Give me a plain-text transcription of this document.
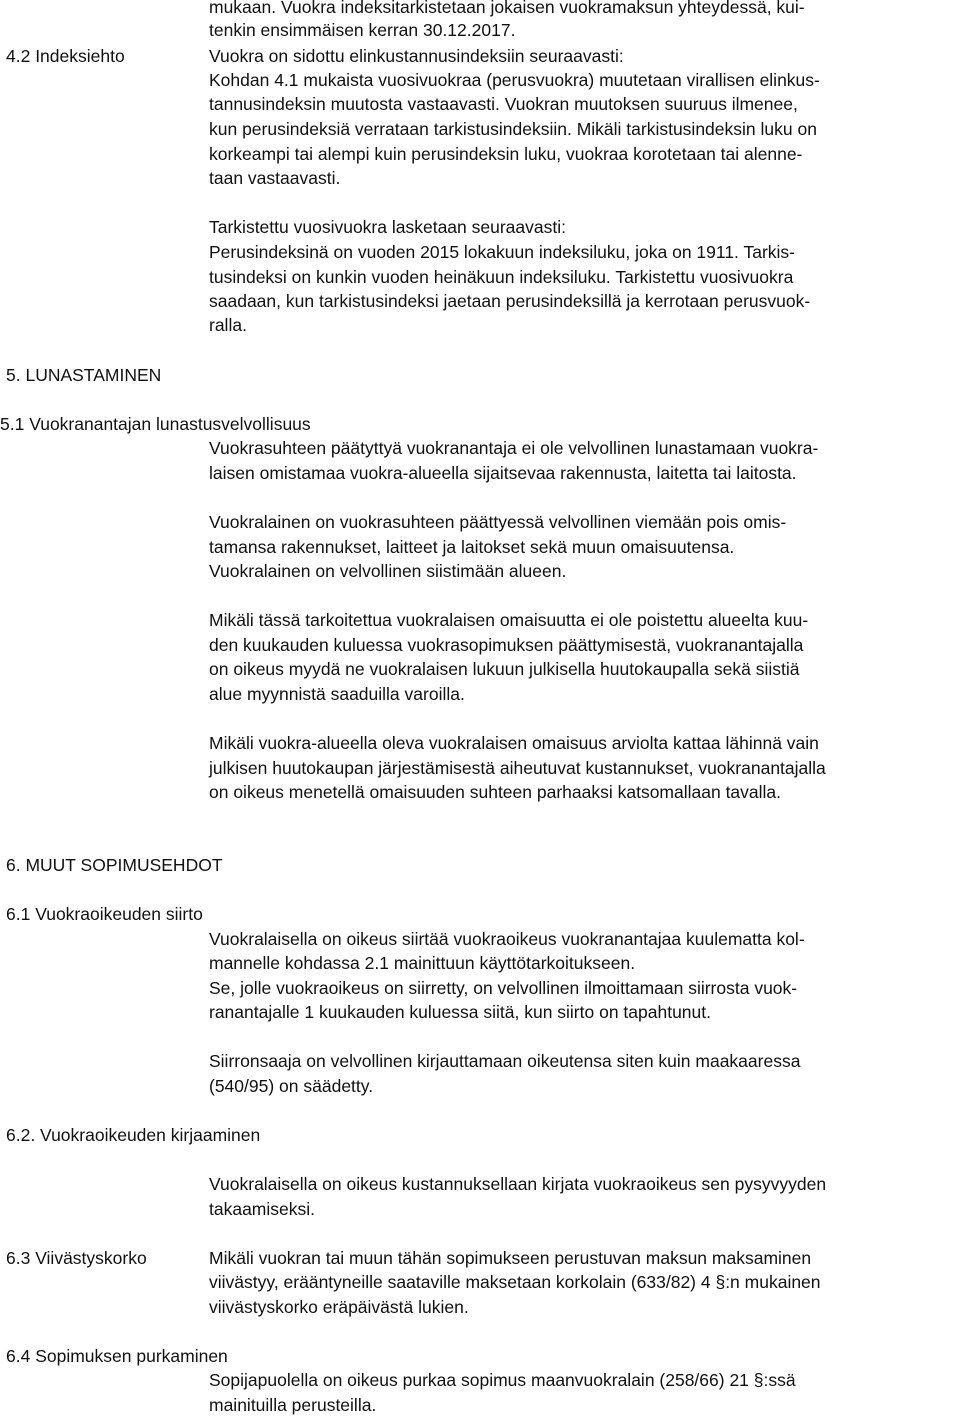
mukaan. Vuokra indeksitarkistetaan jokaisen vuokramaksun yhteydessä, kui-
tenkin ensimmäisen kerran 30.12.2017.
4.2 Indeksiehto	Vuokra on sidottu elinkustannusindeksiin seuraavasti:
Kohdan 4.1 mukaista vuosivuokraa (perusvuokra) muutetaan virallisen elinkus-
tannusindeksin muutosta vastaavasti. Vuokran muutoksen suuruus ilmenee,
kun perusindeksiä verrataan tarkistusindeksiin. Mikäli tarkistusindeksin luku on
korkeampi tai alempi kuin perusindeksin luku, vuokraa korotetaan tai alenne-
taan vastaavasti.
Tarkistettu vuosivuokra lasketaan seuraavasti:
Perusindeksinä on vuoden 2015 lokakuun indeksiluku, joka on 1911. Tarkis-
tusindeksi on kunkin vuoden heinäkuun indeksiluku. Tarkistettu vuosivuokra
saadaan, kun tarkistusindeksi jaetaan perusindeksillä ja kerrotaan perusvuok-
ralla.
5. LUNASTAMINEN
5.1 Vuokranantajan lunastusvelvollisuus
Vuokrasuhteen päätyttyä vuokranantaja ei ole velvollinen lunastamaan vuokra-
laisen omistamaa vuokra-alueella sijaitsevaa rakennusta, laitetta tai laitosta.
Vuokralainen on vuokrasuhteen päättyessä velvollinen viemään pois omis-
tamansa rakennukset, laitteet ja laitokset sekä muun omaisuutensa.
Vuokralainen on velvollinen siistimään alueen.
Mikäli tässä tarkoitettua vuokralaisen omaisuutta ei ole poistettu alueelta kuu-
den kuukauden kuluessa vuokrasopimuksen päättymisestä, vuokranantajalla
on oikeus myydä ne vuokralaisen lukuun julkisella huutokaupalla sekä siistiä
alue myynnistä saaduilla varoilla.
Mikäli vuokra-alueella oleva vuokralaisen omaisuus arviolta kattaa lähinnä vain
julkisen huutokaupan järjestämisestä aiheutuvat kustannukset, vuokranantajalla
on oikeus menetellä omaisuuden suhteen parhaaksi katsomallaan tavalla.
6. MUUT SOPIMUSEHDOT
6.1 Vuokraoikeuden siirto
Vuokralaisella on oikeus siirtää vuokraoikeus vuokranantajaa kuulematta kol-
mannelle kohdassa 2.1 mainittuun käyttötarkoitukseen.
Se, jolle vuokraoikeus on siirretty, on velvollinen ilmoittamaan siirrosta vuok-
ranantajalle 1 kuukauden kuluessa siitä, kun siirto on tapahtunut.
Siirronsaaja on velvollinen kirjauttamaan oikeutensa siten kuin maakaaressa
(540/95) on säädetty.
6.2. Vuokraoikeuden kirjaaminen
Vuokralaisella on oikeus kustannuksellaan kirjata vuokraoikeus sen pysyvyyden
takaamiseksi.
6.3 Viivästyskorko	Mikäli vuokran tai muun tähän sopimukseen perustuvan maksun maksaminen
viivästyy, erääntyneille saataville maksetaan korkolain (633/82) 4 §:n mukainen
viivästyskorko eräpäivästä lukien.
6.4 Sopimuksen purkaminen
Sopijapuolella on oikeus purkaa sopimus maanvuokralain (258/66) 21 §:ssä
mainituilla perusteilla.
